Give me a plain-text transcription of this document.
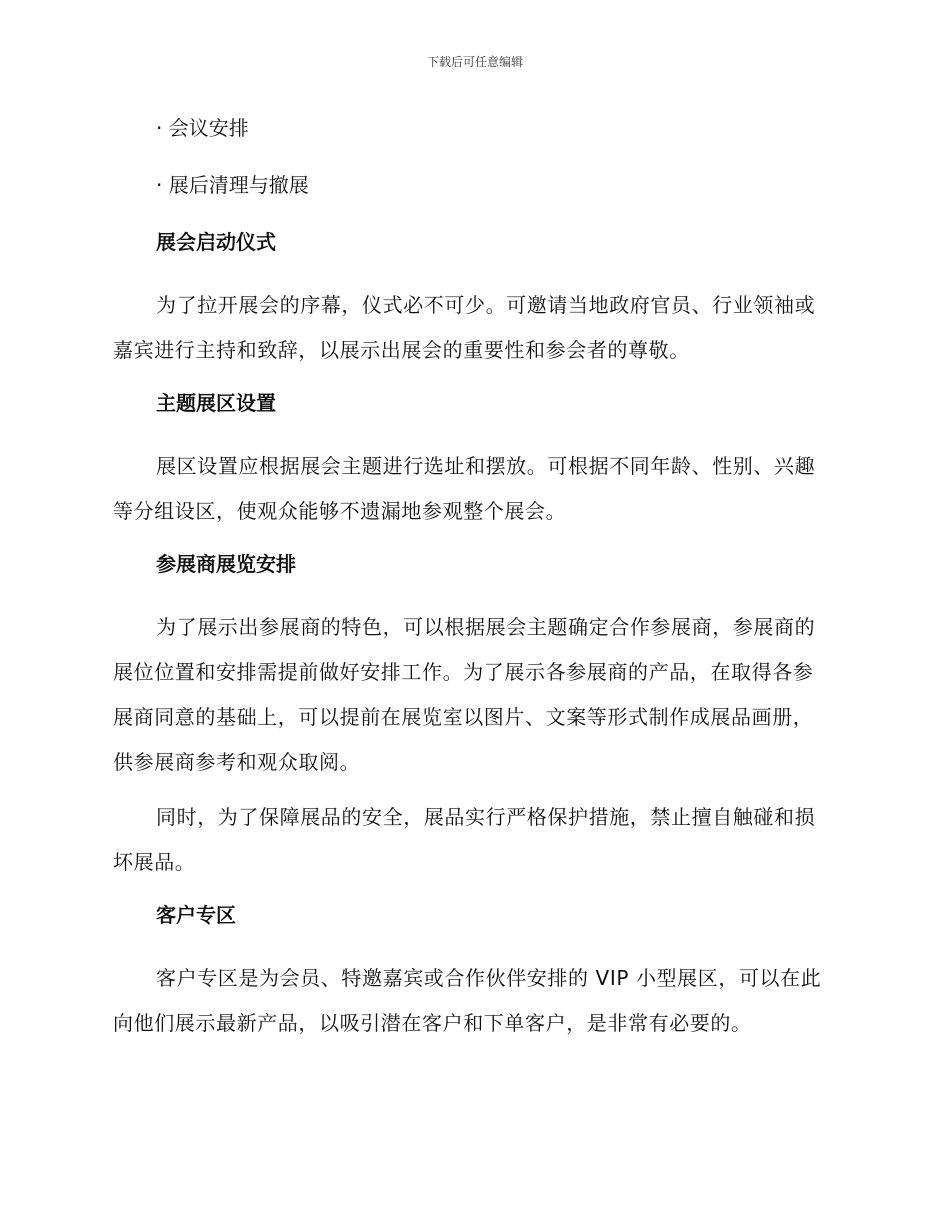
下载后可任意编辑
· 会议安排
· 展后清理与撤展
展会启动仪式
为了拉开展会的序幕，仪式必不可少。可邀请当地政府官员、行业领袖或嘉宾进行主持和致辞，以展示出展会的重要性和参会者的尊敬。
主题展区设置
展区设置应根据展会主题进行选址和摆放。可根据不同年龄、性别、兴趣等分组设区，使观众能够不遗漏地参观整个展会。
参展商展览安排
为了展示出参展商的特色，可以根据展会主题确定合作参展商，参展商的展位位置和安排需提前做好安排工作。为了展示各参展商的产品，在取得各参展商同意的基础上，可以提前在展览室以图片、文案等形式制作成展品画册，供参展商参考和观众取阅。
同时，为了保障展品的安全，展品实行严格保护措施，禁止擅自触碰和损坏展品。
客户专区
客户专区是为会员、特邀嘉宾或合作伙伴安排的 VIP 小型展区，可以在此向他们展示最新产品，以吸引潜在客户和下单客户，是非常有必要的。
